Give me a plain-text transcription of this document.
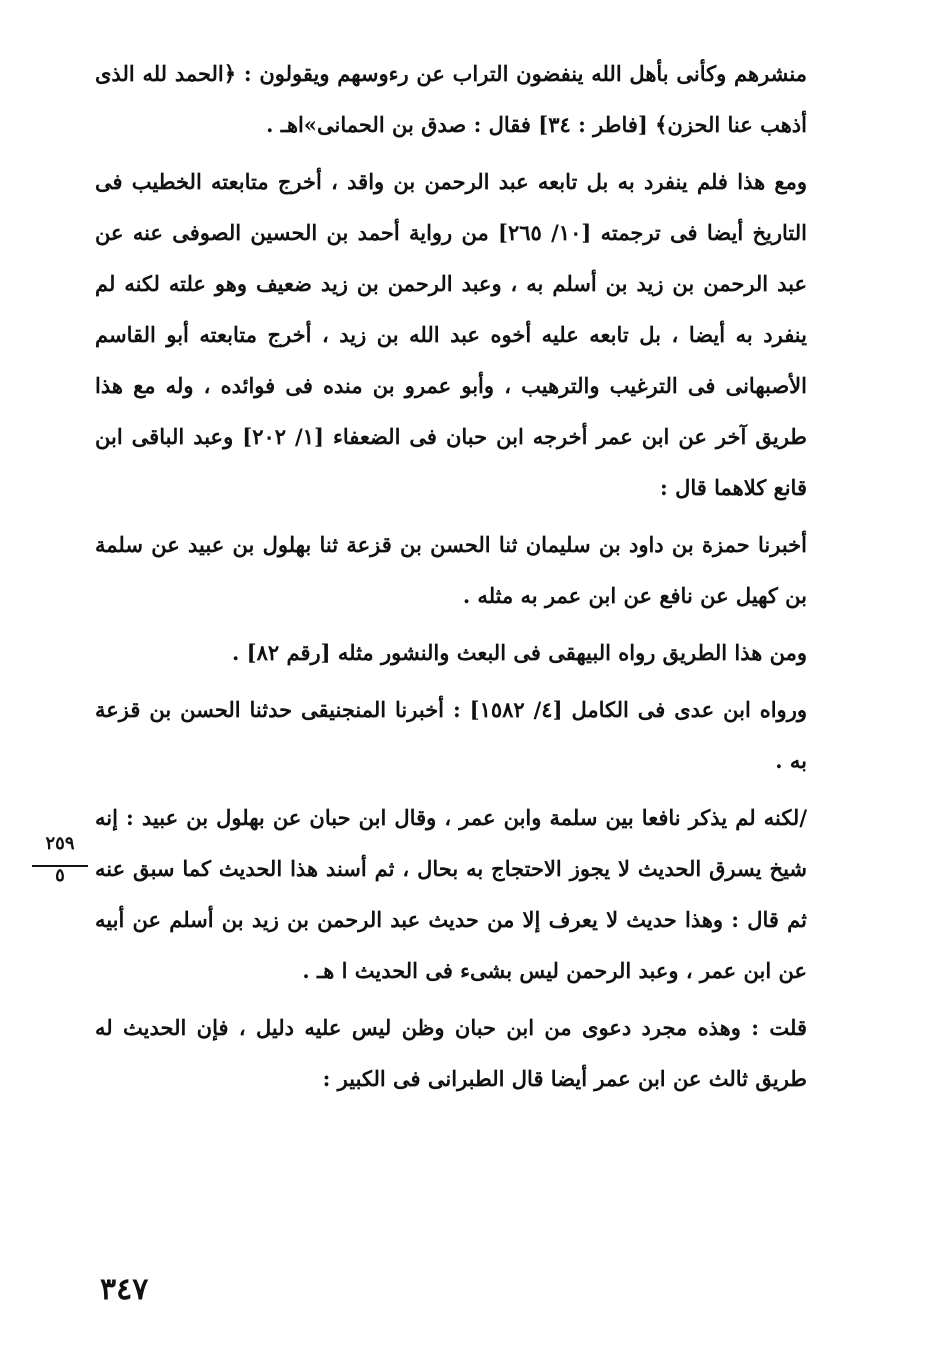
منشرهم وكأنى بأهل الله ينفضون التراب عن رءوسهم ويقولون : ﴿الحمد لله الذى أذهب عنا الحزن﴾ [فاطر : ٣٤] فقال : صدق بن الحمانى»اهـ .

ومع هذا فلم ينفرد به بل تابعه عبد الرحمن بن واقد ، أخرج متابعته الخطيب فى التاريخ أيضا فى ترجمته [١٠/ ٢٦٥] من رواية أحمد بن الحسين الصوفى عنه عن عبد الرحمن بن زيد بن أسلم به ، وعبد الرحمن بن زيد ضعيف وهو علته لكنه لم ينفرد به أيضا ، بل تابعه عليه أخوه عبد الله بن زيد ، أخرج متابعته أبو القاسم الأصبهانى فى الترغيب والترهيب ، وأبو عمرو بن منده فى فوائده ، وله مع هذا طريق آخر عن ابن عمر أخرجه ابن حبان فى الضعفاء [١/ ٢٠٢] وعبد الباقى ابن قانع كلاهما قال :

أخبرنا حمزة بن داود بن سليمان ثنا الحسن بن قزعة ثنا بهلول بن عبيد عن سلمة بن كهيل عن نافع عن ابن عمر به مثله .

ومن هذا الطريق رواه البيهقى فى البعث والنشور مثله [رقم ٨٢] .

ورواه ابن عدى فى الكامل [٤/ ١٥٨٢] : أخبرنا المنجنيقى حدثنا الحسن بن قزعة به .

/لكنه لم يذكر نافعا بين سلمة وابن عمر ، وقال ابن حبان عن بهلول بن عبيد : إنه شيخ يسرق الحديث لا يجوز الاحتجاج به بحال ، ثم أسند هذا الحديث كما سبق عنه ثم قال : وهذا حديث لا يعرف إلا من حديث عبد الرحمن بن زيد بن أسلم عن أبيه عن ابن عمر ، وعبد الرحمن ليس بشىء فى الحديث ا هـ .

قلت : وهذه مجرد دعوى من ابن حبان وظن ليس عليه دليل ، فإن الحديث له طريق ثالث عن ابن عمر أيضا قال الطبرانى فى الكبير :

٢٥٩
٥
٣٤٧
